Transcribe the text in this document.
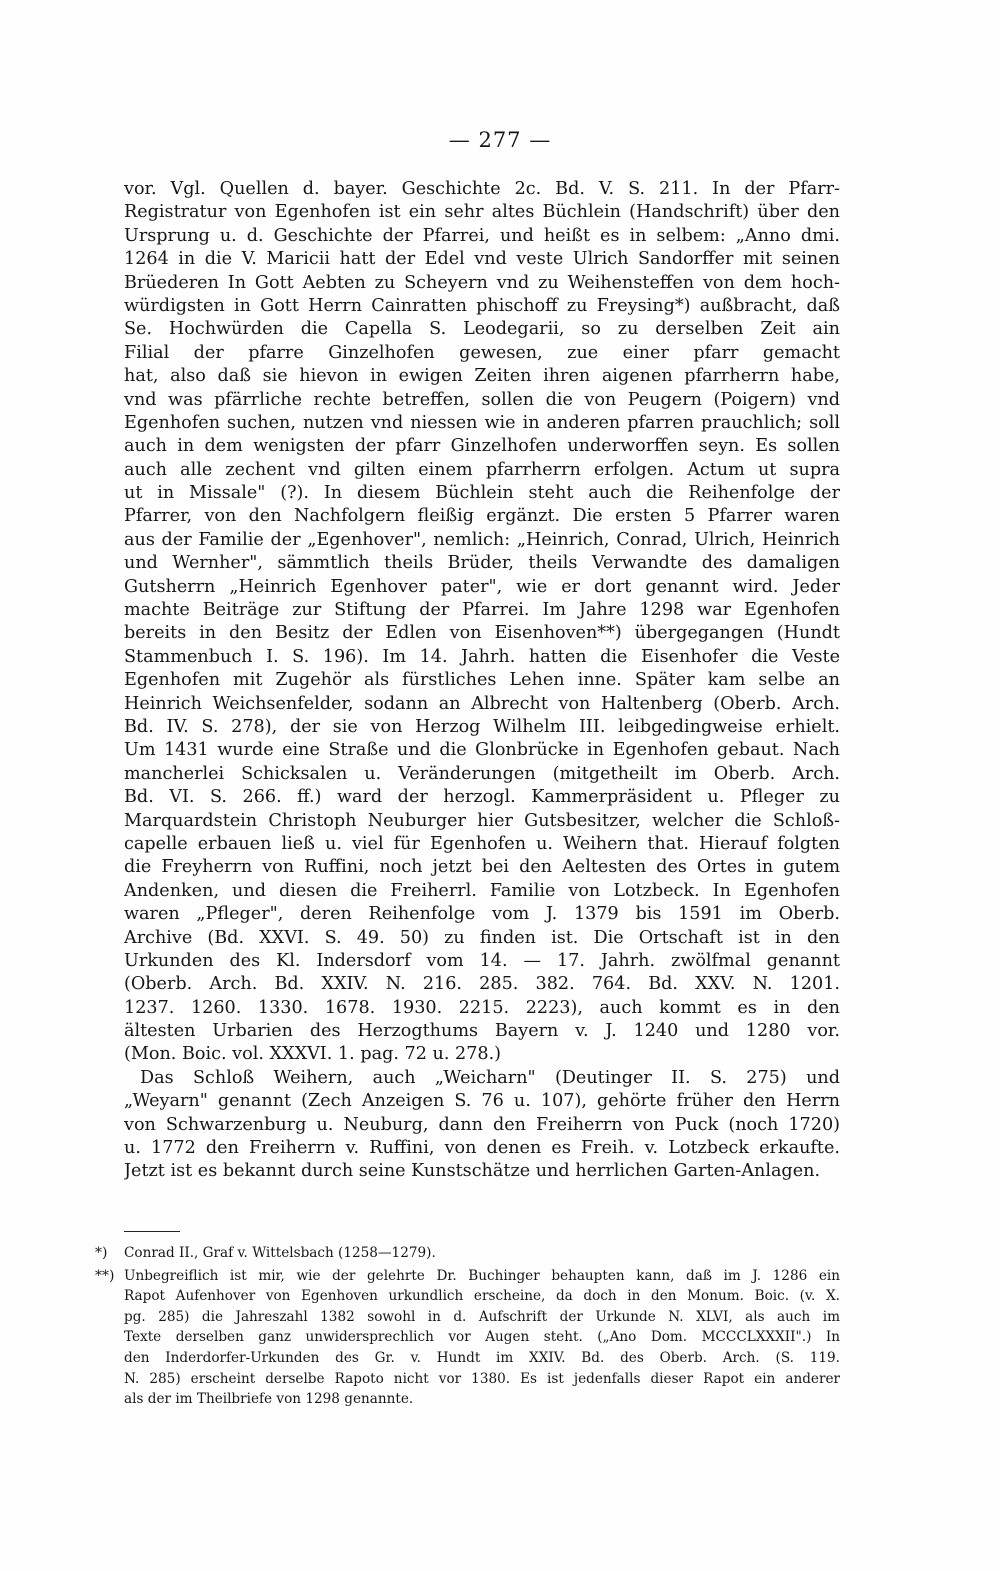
— 277 —
vor. Vgl. Quellen d. bayer. Geschichte 2c. Bd. V. S. 211. In der Pfarr-
Registratur von Egenhofen ist ein sehr altes Büchlein (Handschrift) über den
Ursprung u. d. Geschichte der Pfarrei, und heißt es in selbem: „Anno dmi.
1264 in die V. Maricii hatt der Edel vnd veste Ulrich Sandorffer mit seinen
Brüederen In Gott Aebten zu Scheyern vnd zu Weihensteffen von dem hoch-
würdigsten in Gott Herrn Cainratten phischoff zu Freysing*) außbracht, daß
Se. Hochwürden die Capella S. Leodegarii, so zu derselben Zeit ain
Filial der pfarre Ginzelhofen gewesen, zue einer pfarr gemacht
hat, also daß sie hievon in ewigen Zeiten ihren aigenen pfarrherrn habe,
vnd was pfärrliche rechte betreffen, sollen die von Peugern (Poigern) vnd
Egenhofen suchen, nutzen vnd niessen wie in anderen pfarren prauchlich; soll
auch in dem wenigsten der pfarr Ginzelhofen underworffen seyn. Es sollen
auch alle zechent vnd gilten einem pfarrherrn erfolgen. Actum ut supra
ut in Missale" (?). In diesem Büchlein steht auch die Reihenfolge der
Pfarrer, von den Nachfolgern fleißig ergänzt. Die ersten 5 Pfarrer waren
aus der Familie der „Egenhover", nemlich: „Heinrich, Conrad, Ulrich, Heinrich
und Wernher", sämmtlich theils Brüder, theils Verwandte des damaligen
Gutsherrn „Heinrich Egenhover pater", wie er dort genannt wird. Jeder
machte Beiträge zur Stiftung der Pfarrei. Im Jahre 1298 war Egenhofen
bereits in den Besitz der Edlen von Eisenhoven**) übergegangen (Hundt
Stammenbuch I. S. 196). Im 14. Jahrh. hatten die Eisenhofer die Veste
Egenhofen mit Zugehör als fürstliches Lehen inne. Später kam selbe an
Heinrich Weichsenfelder, sodann an Albrecht von Haltenberg (Oberb. Arch.
Bd. IV. S. 278), der sie von Herzog Wilhelm III. leibgedingweise erhielt.
Um 1431 wurde eine Straße und die Glonbrücke in Egenhofen gebaut. Nach
mancherlei Schicksalen u. Veränderungen (mitgetheilt im Oberb. Arch.
Bd. VI. S. 266. ff.) ward der herzogl. Kammerpräsident u. Pfleger zu
Marquardstein Christoph Neuburger hier Gutsbesitzer, welcher die Schloß-
capelle erbauen ließ u. viel für Egenhofen u. Weihern that. Hierauf folgten
die Freyherrn von Ruffini, noch jetzt bei den Aeltesten des Ortes in gutem
Andenken, und diesen die Freiherrl. Familie von Lotzbeck. In Egenhofen
waren „Pfleger", deren Reihenfolge vom J. 1379 bis 1591 im Oberb.
Archive (Bd. XXVI. S. 49. 50) zu finden ist. Die Ortschaft ist in den
Urkunden des Kl. Indersdorf vom 14. — 17. Jahrh. zwölfmal genannt
(Oberb. Arch. Bd. XXIV. N. 216. 285. 382. 764. Bd. XXV. N. 1201.
1237. 1260. 1330. 1678. 1930. 2215. 2223), auch kommt es in den
ältesten Urbarien des Herzogthums Bayern v. J. 1240 und 1280 vor.
(Mon. Boic. vol. XXXVI. 1. pag. 72 u. 278.)
Das Schloß Weihern, auch „Weicharn" (Deutinger II. S. 275) und
„Weyarn" genannt (Zech Anzeigen S. 76 u. 107), gehörte früher den Herrn
von Schwarzenburg u. Neuburg, dann den Freiherrn von Puck (noch 1720)
u. 1772 den Freiherrn v. Ruffini, von denen es Freih. v. Lotzbeck erkaufte.
Jetzt ist es bekannt durch seine Kunstschätze und herrlichen Garten-Anlagen.
*) Conrad II., Graf v. Wittelsbach (1258—1279).
**) Unbegreiflich ist mir, wie der gelehrte Dr. Buchinger behaupten kann, daß im J. 1286 ein
Rapot Aufenhover von Egenhoven urkundlich erscheine, da doch in den Monum. Boic. (v. X.
pg. 285) die Jahreszahl 1382 sowohl in d. Aufschrift der Urkunde N. XLVI, als auch im
Texte derselben ganz unwidersprechlich vor Augen steht. („Ano Dom. MCCCLXXXII".) In
den Inderdorfer-Urkunden des Gr. v. Hundt im XXIV. Bd. des Oberb. Arch. (S. 119.
N. 285) erscheint derselbe Rapoto nicht vor 1380. Es ist jedenfalls dieser Rapot ein anderer
als der im Theilbriefe von 1298 genannte.
